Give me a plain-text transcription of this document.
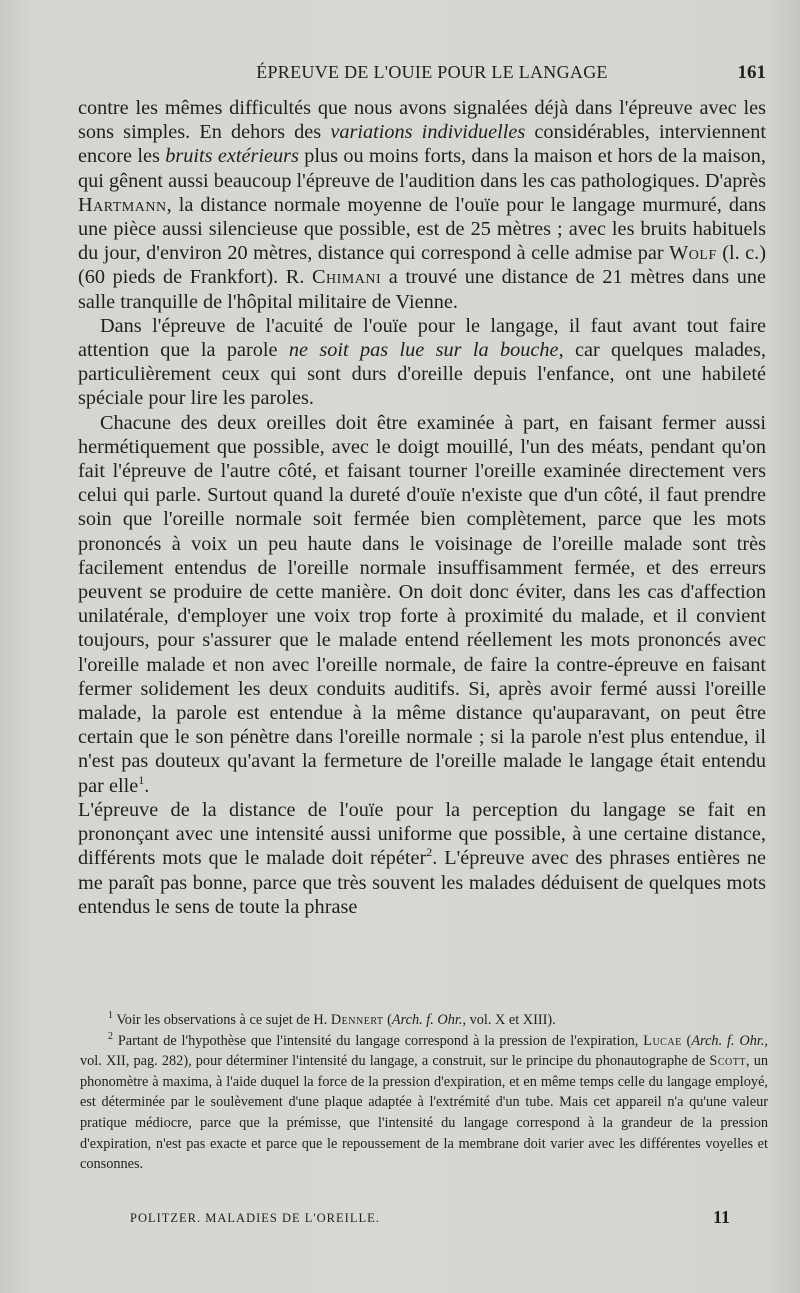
ÉPREUVE DE L'OUIE POUR LE LANGAGE	161

contre les mêmes difficultés que nous avons signalées déjà dans l'épreuve avec les sons simples. En dehors des variations individuelles considérables, interviennent encore les bruits extérieurs plus ou moins forts, dans la maison et hors de la maison, qui gênent aussi beaucoup l'épreuve de l'audition dans les cas pathologiques. D'après Hartmann, la distance normale moyenne de l'ouïe pour le langage murmuré, dans une pièce aussi silencieuse que possible, est de 25 mètres ; avec les bruits habituels du jour, d'environ 20 mètres, distance qui correspond à celle admise par Wolf (l. c.) (60 pieds de Frankfort). R. Chimani a trouvé une distance de 21 mètres dans une salle tranquille de l'hôpital militaire de Vienne.

Dans l'épreuve de l'acuité de l'ouïe pour le langage, il faut avant tout faire attention que la parole ne soit pas lue sur la bouche, car quelques malades, particulièrement ceux qui sont durs d'oreille depuis l'enfance, ont une habileté spéciale pour lire les paroles.

Chacune des deux oreilles doit être examinée à part, en faisant fermer aussi hermétiquement que possible, avec le doigt mouillé, l'un des méats, pendant qu'on fait l'épreuve de l'autre côté, et faisant tourner l'oreille examinée directement vers celui qui parle. Surtout quand la dureté d'ouïe n'existe que d'un côté, il faut prendre soin que l'oreille normale soit fermée bien complètement, parce que les mots prononcés à voix un peu haute dans le voisinage de l'oreille malade sont très facilement entendus de l'oreille normale insuffisamment fermée, et des erreurs peuvent se produire de cette manière. On doit donc éviter, dans les cas d'affection unilatérale, d'employer une voix trop forte à proximité du malade, et il convient toujours, pour s'assurer que le malade entend réellement les mots prononcés avec l'oreille malade et non avec l'oreille normale, de faire la contre-épreuve en faisant fermer solidement les deux conduits auditifs. Si, après avoir fermé aussi l'oreille malade, la parole est entendue à la même distance qu'auparavant, on peut être certain que le son pénètre dans l'oreille normale ; si la parole n'est plus entendue, il n'est pas douteux qu'avant la fermeture de l'oreille malade le langage était entendu par elle$^1$.

L'épreuve de la distance de l'ouïe pour la perception du langage se fait en prononçant avec une intensité aussi uniforme que possible, à une certaine distance, différents mots que le malade doit répéter$^2$. L'épreuve avec des phrases entières ne me paraît pas bonne, parce que très souvent les malades déduisent de quelques mots entendus le sens de toute la phrase

$^1$ Voir les observations à ce sujet de H. Dennert (Arch. f. Ohr., vol. X et XIII).

$^2$ Partant de l'hypothèse que l'intensité du langage correspond à la pression de l'expiration, Lucae (Arch. f. Ohr., vol. XII, pag. 282), pour déterminer l'intensité du langage, a construit, sur le principe du phonautographe de Scott, un phonomètre à maxima, à l'aide duquel la force de la pression d'expiration, et en même temps celle du langage employé, est déterminée par le soulèvement d'une plaque adaptée à l'extrémité d'un tube. Mais cet appareil n'a qu'une valeur pratique médiocre, parce que la prémisse, que l'intensité du langage correspond à la grandeur de la pression d'expiration, n'est pas exacte et parce que le repoussement de la membrane doit varier avec les différentes voyelles et consonnes.

POLITZER. MALADIES DE L'OREILLE.	11
